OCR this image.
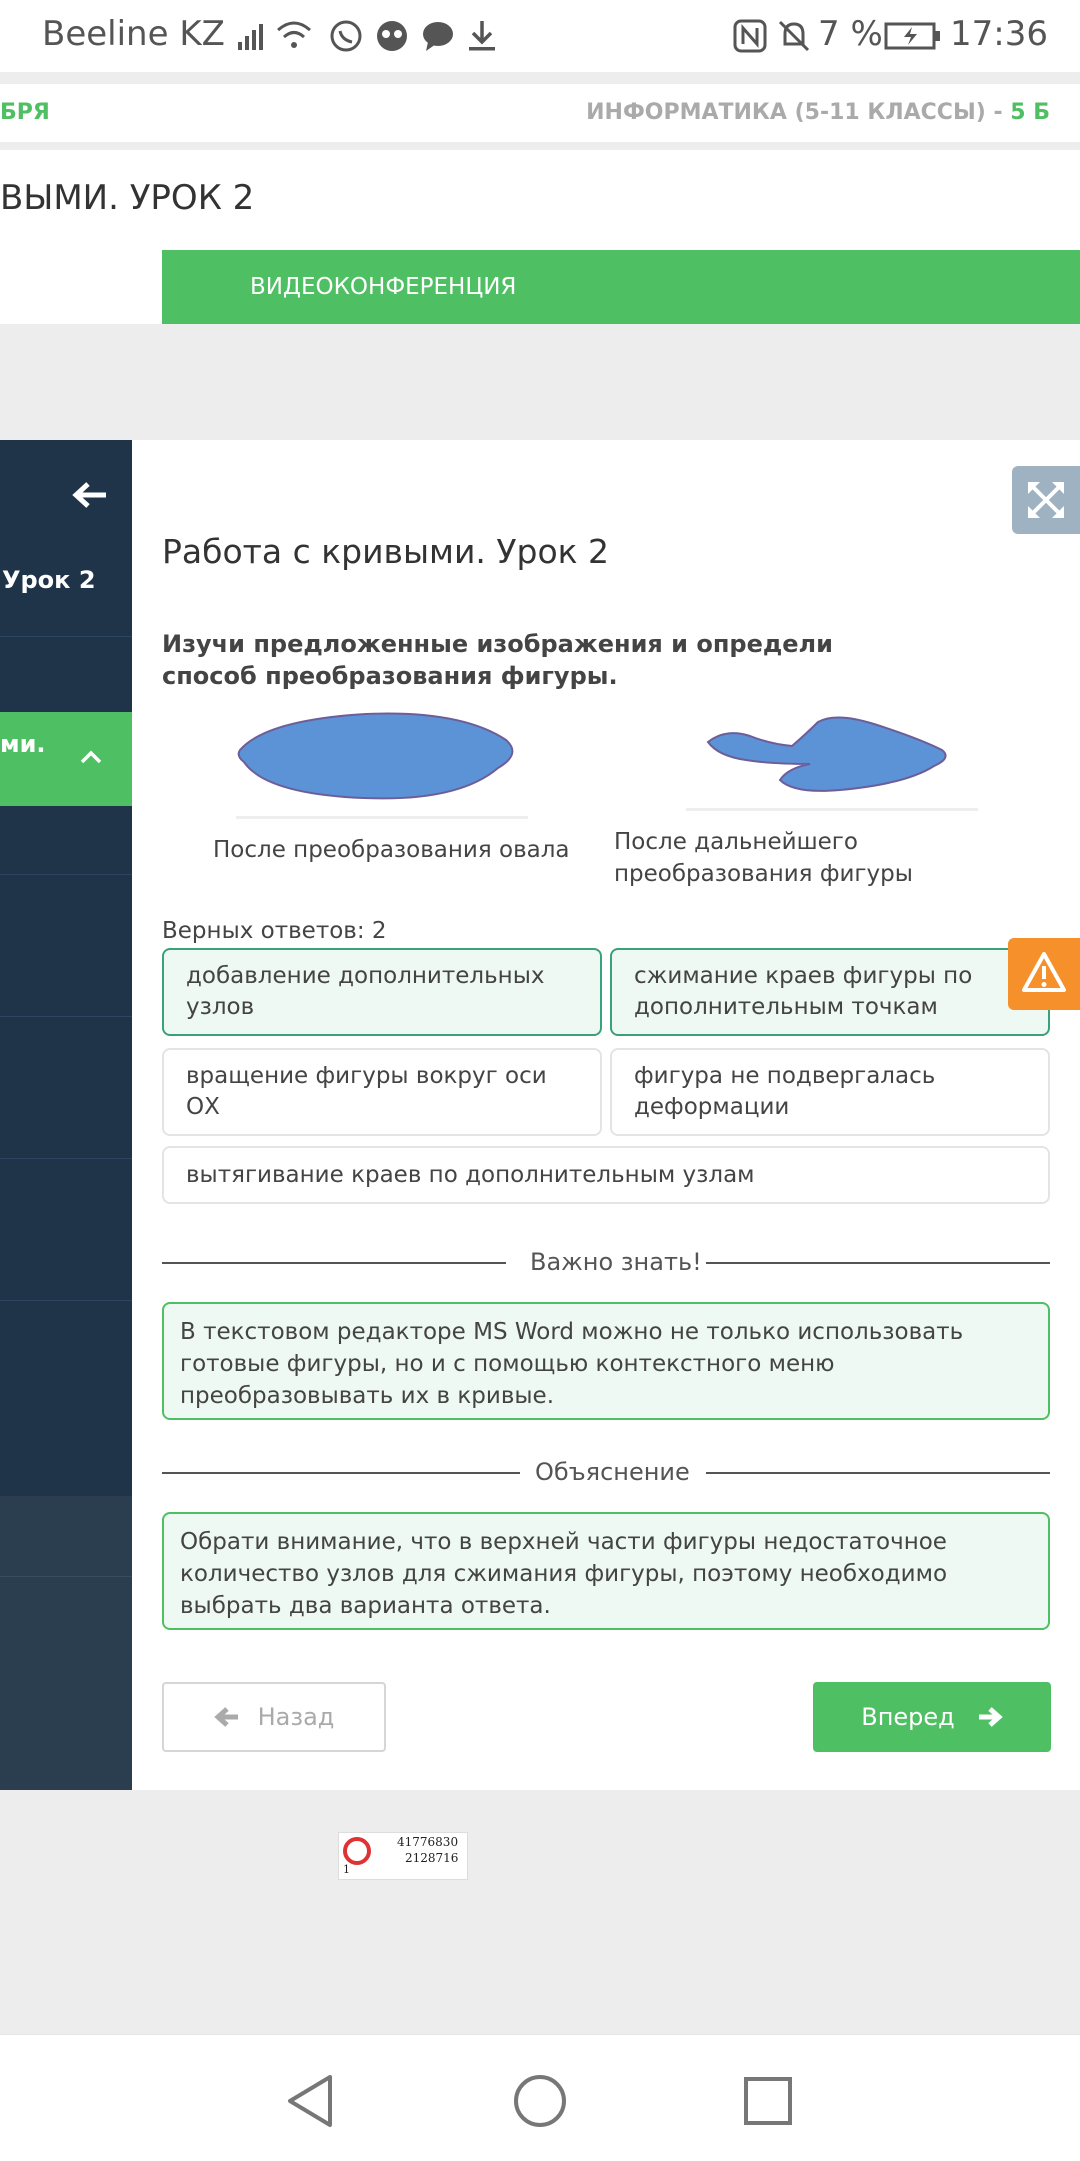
Beeline KZ	7 % 17:36
БРЯ	ИНФОРМАТИКА (5-11 КЛАССЫ) - 5 Б
ВЫМИ. УРОК 2
ВИДЕОКОНФЕРЕНЦИЯ
Урок 2
ми.
Работа с кривыми. Урок 2
Изучи предложенные изображения и определи способ преобразования фигуры.
После преобразования овала После дальнейшего преобразования фигуры
Верных ответов: 2
добавление дополнительных узлов
сжимание краев фигуры по дополнительным точкам
вращение фигуры вокруг оси ОХ
фигура не подвергалась деформации
вытягивание краев по дополнительным узлам
Важно знать!
В текстовом редакторе MS Word можно не только использовать готовые фигуры, но и с помощью контекстного меню преобразовывать их в кривые.
Объяснение
Обрати внимание, что в верхней части фигуры недостаточное количество узлов для сжимания фигуры, поэтому необходимо выбрать два варианта ответа.
Назад	Вперед
41776830
2128716
1
